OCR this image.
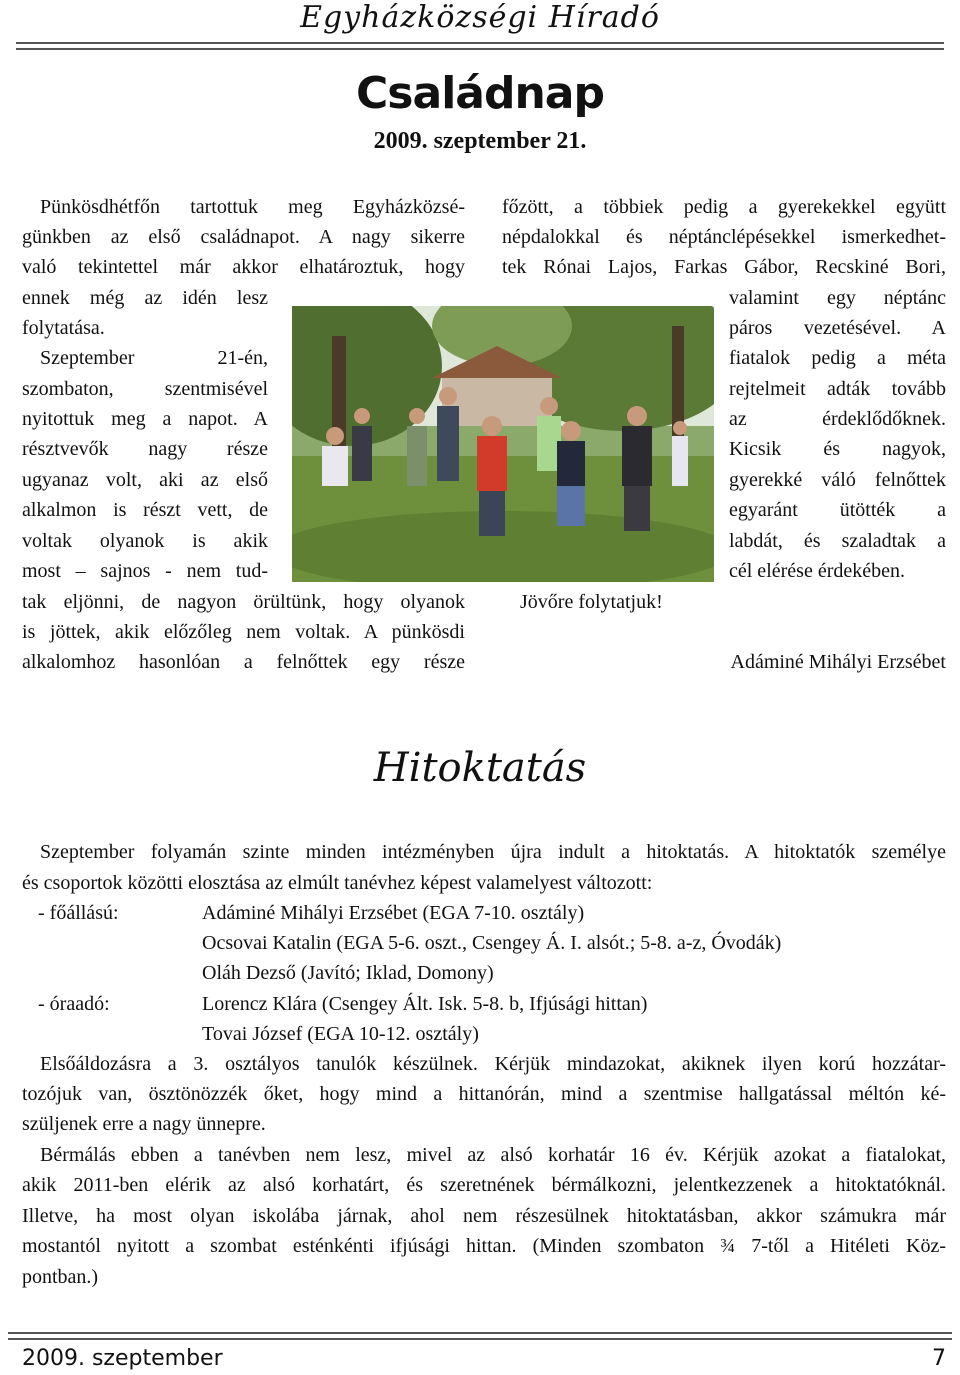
Egyházközségi Híradó
Családnap
2009. szeptember 21.
Pünkösdhétfőn tartottuk meg Egyházközsé-
günkben az első családnapot. A nagy sikerre
való tekintettel már akkor elhatároztuk, hogy
ennek még az idén lesz
folytatása.
Szeptember 21-én,
szombaton, szentmisével
nyitottuk meg a napot. A
résztvevők nagy része
ugyanaz volt, aki az első
alkalmon is részt vett, de
voltak olyanok is akik
most – sajnos - nem tud-
tak eljönni, de nagyon örültünk, hogy olyanok
is jöttek, akik előzőleg nem voltak. A pünkösdi
alkalomhoz hasonlóan a felnőttek egy része
főzött, a többiek pedig a gyerekekkel együtt
népdalokkal és néptánclépésekkel ismerkedhet-
tek Rónai Lajos, Farkas Gábor, Recskiné Bori,
valamint egy néptánc
páros vezetésével. A
fiatalok pedig a méta
rejtelmeit adták tovább
az érdeklődőknek.
Kicsik és nagyok,
gyerekké váló felnőttek
egyaránt ütötték a
labdát, és szaladtak a
cél elérése érdekében.
Jövőre folytatjuk!
Adáminé Mihályi Erzsébet
Hitoktatás
Szeptember folyamán szinte minden intézményben újra indult a hitoktatás. A hitoktatók személye
és csoportok közötti elosztása az elmúlt tanévhez képest valamelyest változott:
- főállású:	Adáminé Mihályi Erzsébet (EGA 7-10. osztály)
Ocsovai Katalin (EGA 5-6. oszt., Csengey Á. I. alsót.; 5-8. a-z, Óvodák)
Oláh Dezső (Javító; Iklad, Domony)
- óraadó:	Lorencz Klára (Csengey Ált. Isk. 5-8. b, Ifjúsági hittan)
Tovai József (EGA 10-12. osztály)
Elsőáldozásra a 3. osztályos tanulók készülnek. Kérjük mindazokat, akiknek ilyen korú hozzátar-
tozójuk van, ösztönözzék őket, hogy mind a hittanórán, mind a szentmise hallgatással méltón ké-
szüljenek erre a nagy ünnepre.
Bérmálás ebben a tanévben nem lesz, mivel az alsó korhatár 16 év. Kérjük azokat a fiatalokat,
akik 2011-ben elérik az alsó korhatárt, és szeretnének bérmálkozni, jelentkezzenek a hitoktatóknál.
Illetve, ha most olyan iskolába járnak, ahol nem részesülnek hitoktatásban, akkor számukra már
mostantól nyitott a szombat esténkénti ifjúsági hittan. (Minden szombaton ¾ 7-től a Hitéleti Köz-
pontban.)
2009. szeptember	7
